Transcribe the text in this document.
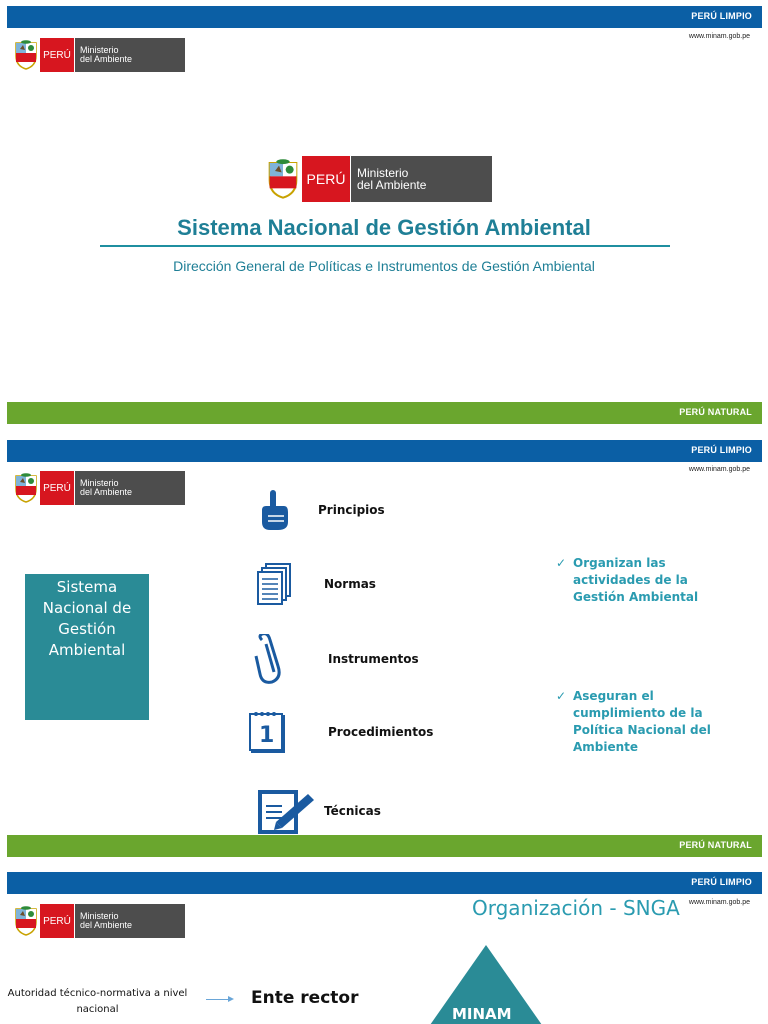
PERÚ LIMPIO
www.minam.gob.pe
PERÚ	Ministerio
del Ambiente
PERÚ Ministerio
del Ambiente
Sistema Nacional de Gestión Ambiental
Dirección General de Políticas e Instrumentos de Gestión Ambiental
PERÚ NATURAL
PERÚ LIMPIO
www.minam.gob.pe
PERÚ	Ministerio
del Ambiente
Sistema Nacional de Gestión Ambiental
Principios
Normas
Instrumentos
1	Procedimientos
Técnicas
✓ Organizan las actividades de la Gestión Ambiental
✓ Aseguran el cumplimiento de la Política Nacional del Ambiente
PERÚ NATURAL
PERÚ LIMPIO
www.minam.gob.pe
PERÚ	Ministerio
del Ambiente
Organización - SNGA
Autoridad técnico-normativa a nivel nacional
Ente rector
MINAM
